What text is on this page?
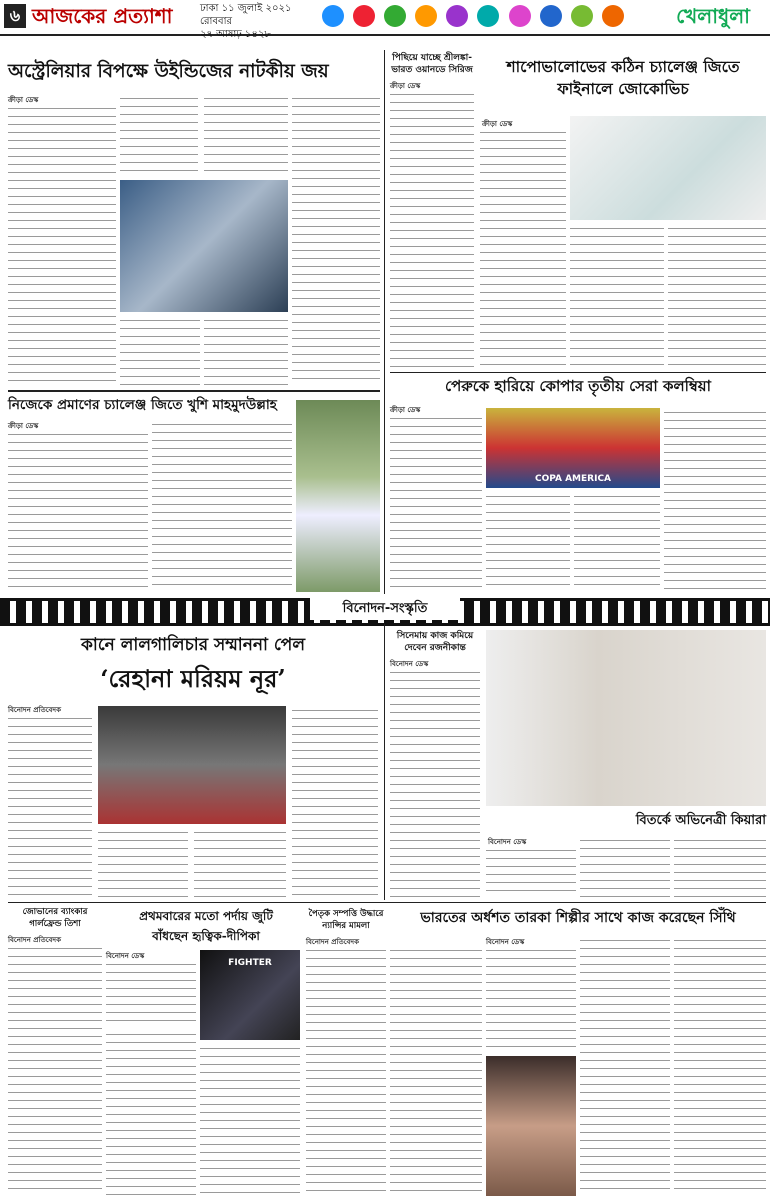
৬ আজকের প্রত্যাশা	ঢাকা ১১ জুলাই ২০২১ রোববার
২৭ আষাঢ় ১৪২৮

খেলাধুলা
অস্ট্রেলিয়ার বিপক্ষে উইন্ডিজের নাটকীয় জয়
ক্রীড়া ডেস্ক
নিজেকে প্রমাণের চ্যালেঞ্জ জিতে খুশি মাহমুদউল্লাহ
ক্রীড়া ডেস্ক
পিছিয়ে যাচ্ছে শ্রীলঙ্কা-ভারত ওয়ানডে সিরিজ
ক্রীড়া ডেস্ক
শাপোভালোভের কঠিন চ্যালেঞ্জ জিতে ফাইনালে জোকোভিচ
ক্রীড়া ডেস্ক
পেরুকে হারিয়ে কোপার তৃতীয় সেরা কলম্বিয়া
ক্রীড়া ডেস্ক
COPA AMERICA
বিনোদন-সংস্কৃতি
কানে লালগালিচার সম্মাননা পেল
‘রেহানা মরিয়ম নূর’
বিনোদন প্রতিবেদক
সিনেমায় কাজ কমিয়ে দেবেন রজনীকান্ত
বিনোদন ডেস্ক
বিতর্কে অভিনেত্রী কিয়ারা
বিনোদন ডেস্ক
জোভানের ব্যাংকার গার্লফ্রেন্ড তিশা
বিনোদন প্রতিবেদক
প্রথমবারের মতো পর্দায় জুটি
বাঁধছেন হৃত্বিক-দীপিকা
বিনোদন ডেস্ক
FIGHTER
পৈতৃক সম্পত্তি উদ্ধারে ন্যান্সির মামলা
বিনোদন প্রতিবেদক
ভারতের অর্ধশত তারকা শিল্পীর সাথে কাজ করেছেন সিঁথি
বিনোদন ডেস্ক
